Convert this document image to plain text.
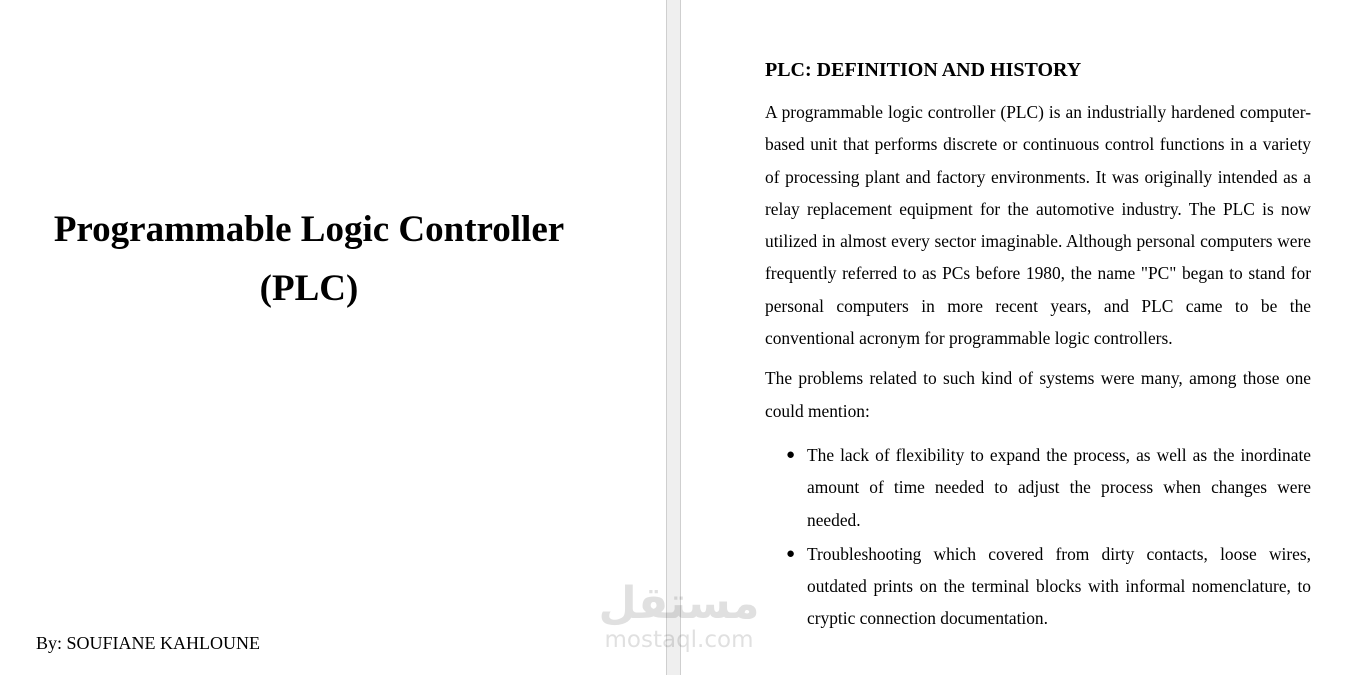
Programmable Logic Controller
(PLC)

By: SOUFIANE KAHLOUNE

PLC: DEFINITION AND HISTORY

A programmable logic controller (PLC) is an industrially hardened computer-based unit that performs discrete or continuous control functions in a variety of processing plant and factory environments. It was originally intended as a relay replacement equipment for the automotive industry. The PLC is now utilized in almost every sector imaginable. Although personal computers were frequently referred to as PCs before 1980, the name "PC" began to stand for personal computers in more recent years, and PLC came to be the conventional acronym for programmable logic controllers.

The problems related to such kind of systems were many, among those one could mention:

● The lack of flexibility to expand the process, as well as the inordinate amount of time needed to adjust the process when changes were needed.
● Troubleshooting which covered from dirty contacts, loose wires, outdated prints on the terminal blocks with informal nomenclature, to cryptic connection documentation.
